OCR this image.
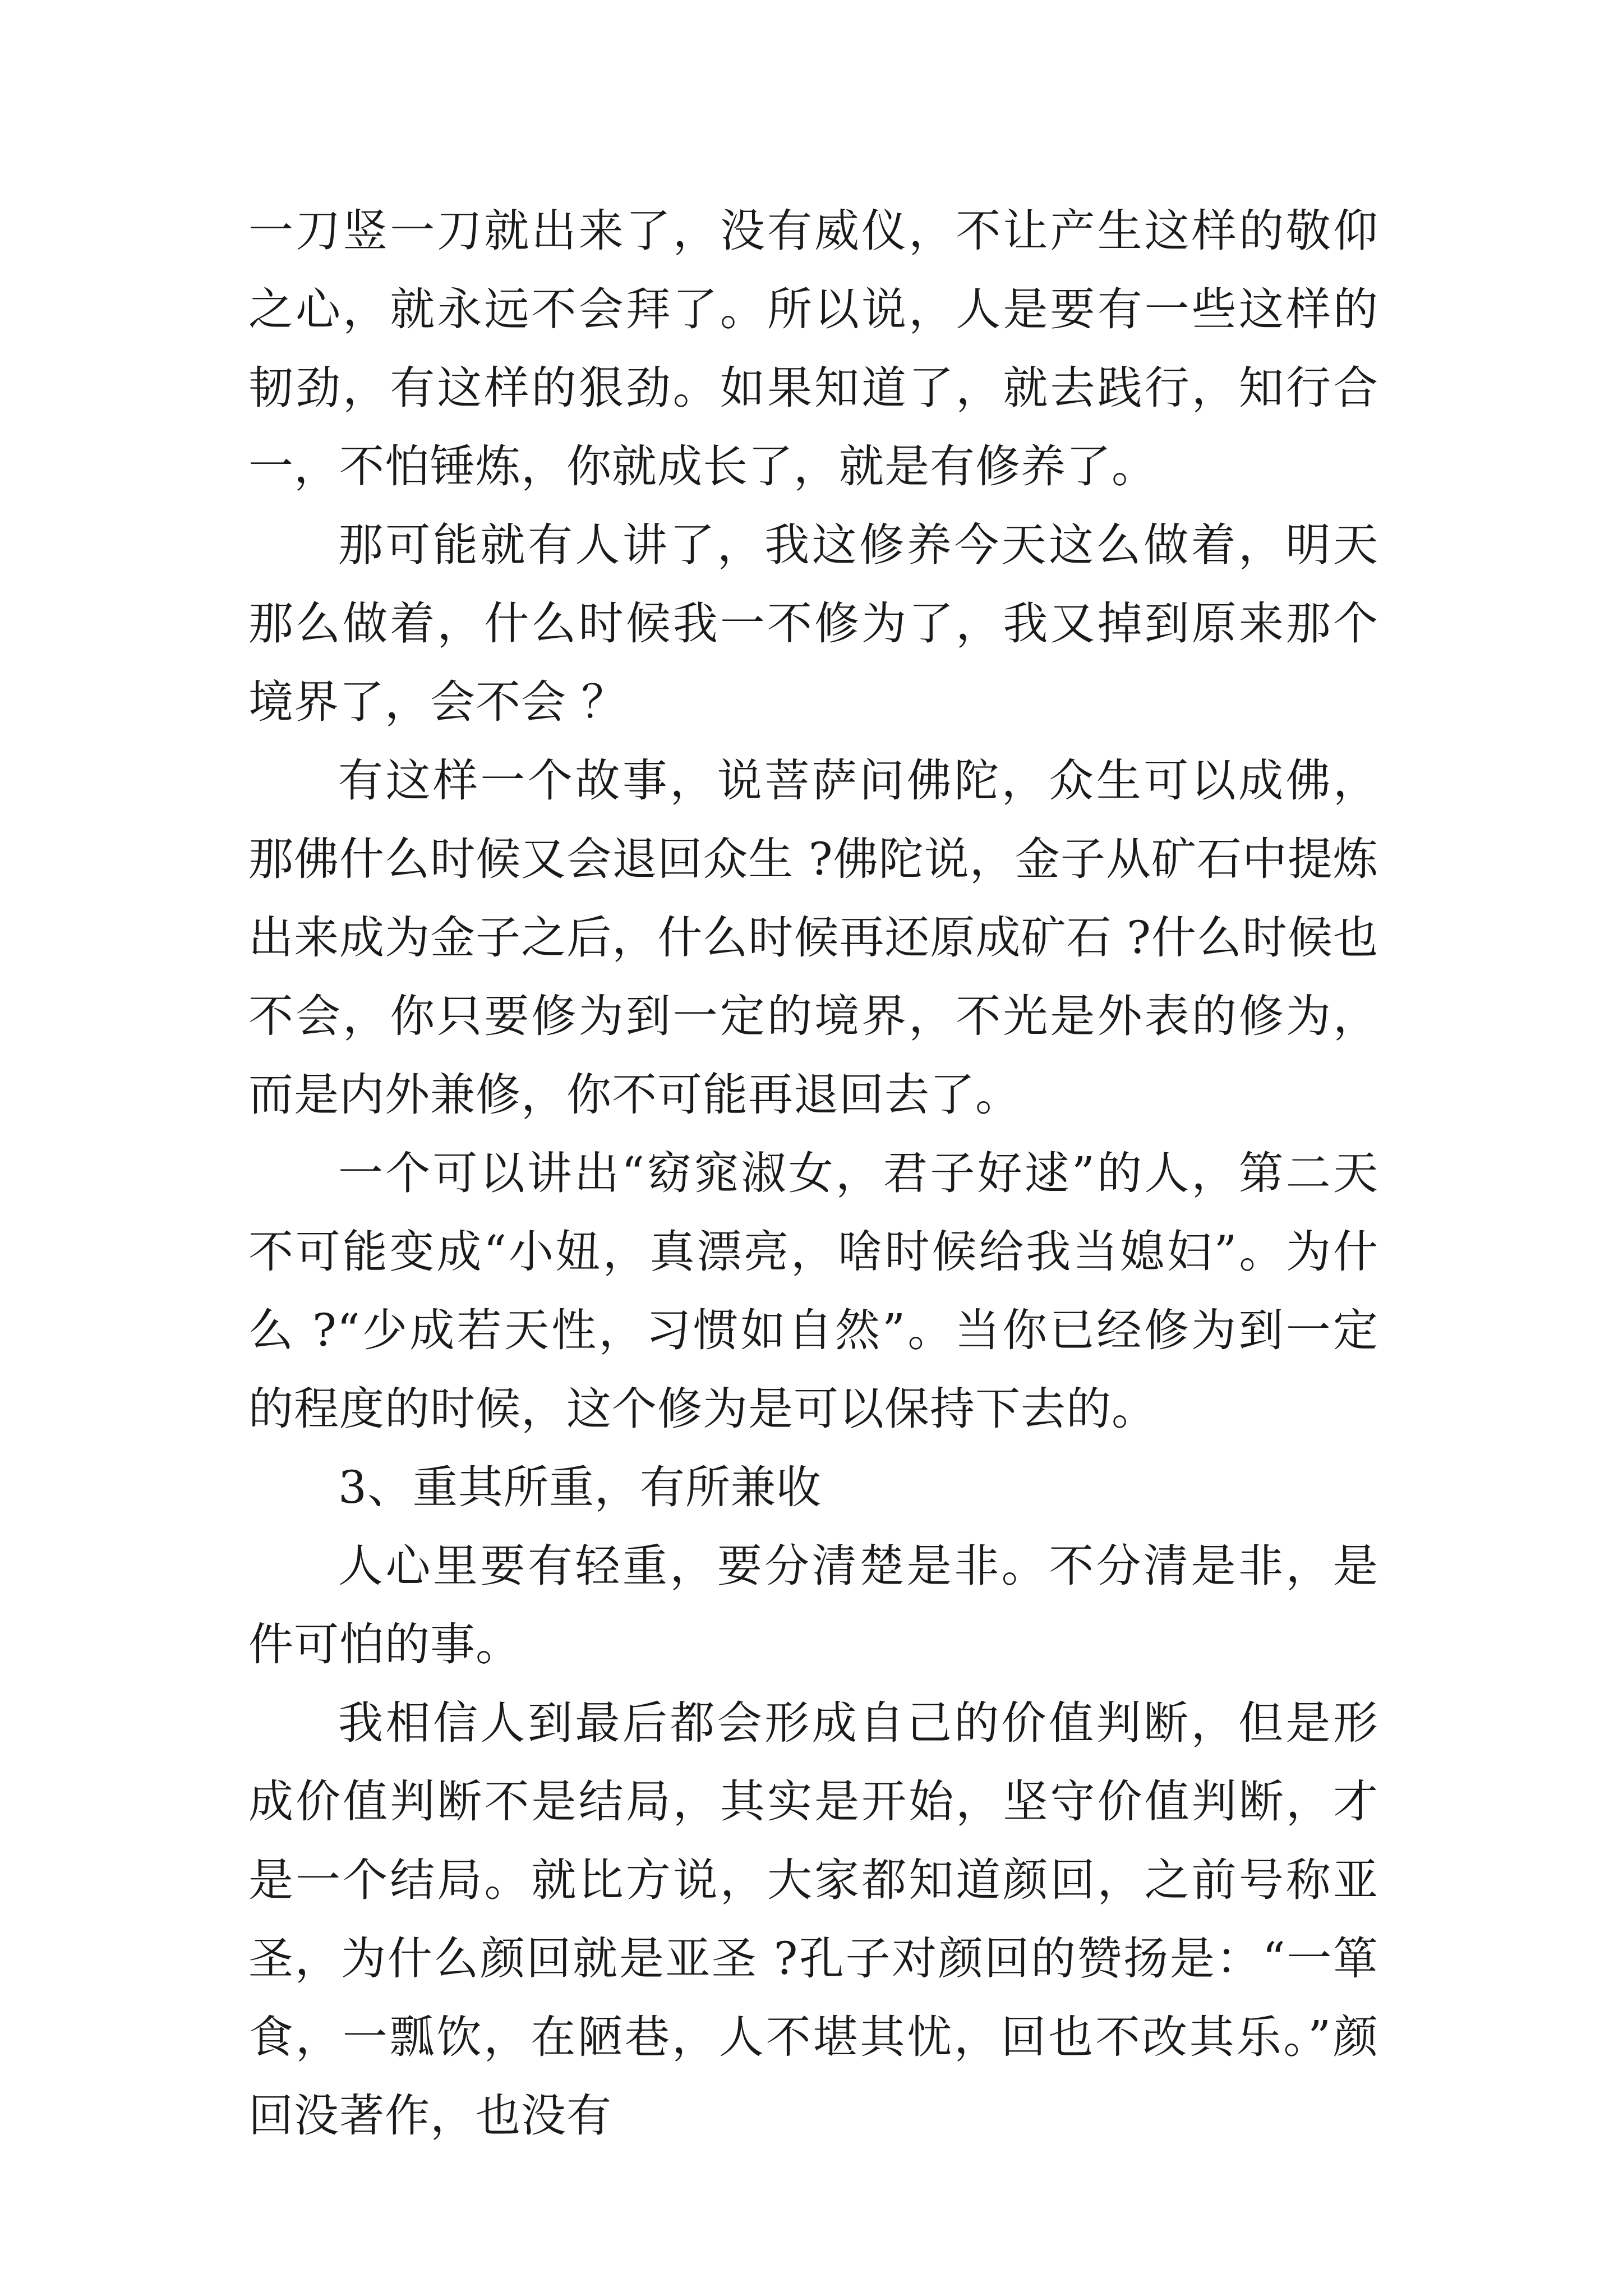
一刀竖一刀就出来了，没有威仪，不让产生这样的敬仰之心，就永远不会拜了。所以说，人是要有一些这样的韧劲，有这样的狠劲。如果知道了，就去践行，知行合一，不怕锤炼，你就成长了，就是有修养了。

那可能就有人讲了，我这修养今天这么做着，明天那么做着，什么时候我一不修为了，我又掉到原来那个境界了，会不会 ？

有这样一个故事，说菩萨问佛陀，众生可以成佛，那佛什么时候又会退回众生 ?佛陀说，金子从矿石中提炼出来成为金子之后，什么时候再还原成矿石 ?什么时候也不会，你只要修为到一定的境界，不光是外表的修为，而是内外兼修，你不可能再退回去了。

一个可以讲出“窈窕淑女，君子好逑”的人，第二天不可能变成“小妞，真漂亮，啥时候给我当媳妇”。为什么 ?“少成若天性，习惯如自然”。当你已经修为到一定的程度的时候，这个修为是可以保持下去的。

3、重其所重，有所兼收

人心里要有轻重，要分清楚是非。不分清是非，是件可怕的事。

我相信人到最后都会形成自己的价值判断，但是形成价值判断不是结局，其实是开始，坚守价值判断，才是一个结局。就比方说，大家都知道颜回，之前号称亚圣，为什么颜回就是亚圣 ?孔子对颜回的赞扬是：“一箪食，一瓢饮，在陋巷，人不堪其忧，回也不改其乐。”颜回没著作，也没有
